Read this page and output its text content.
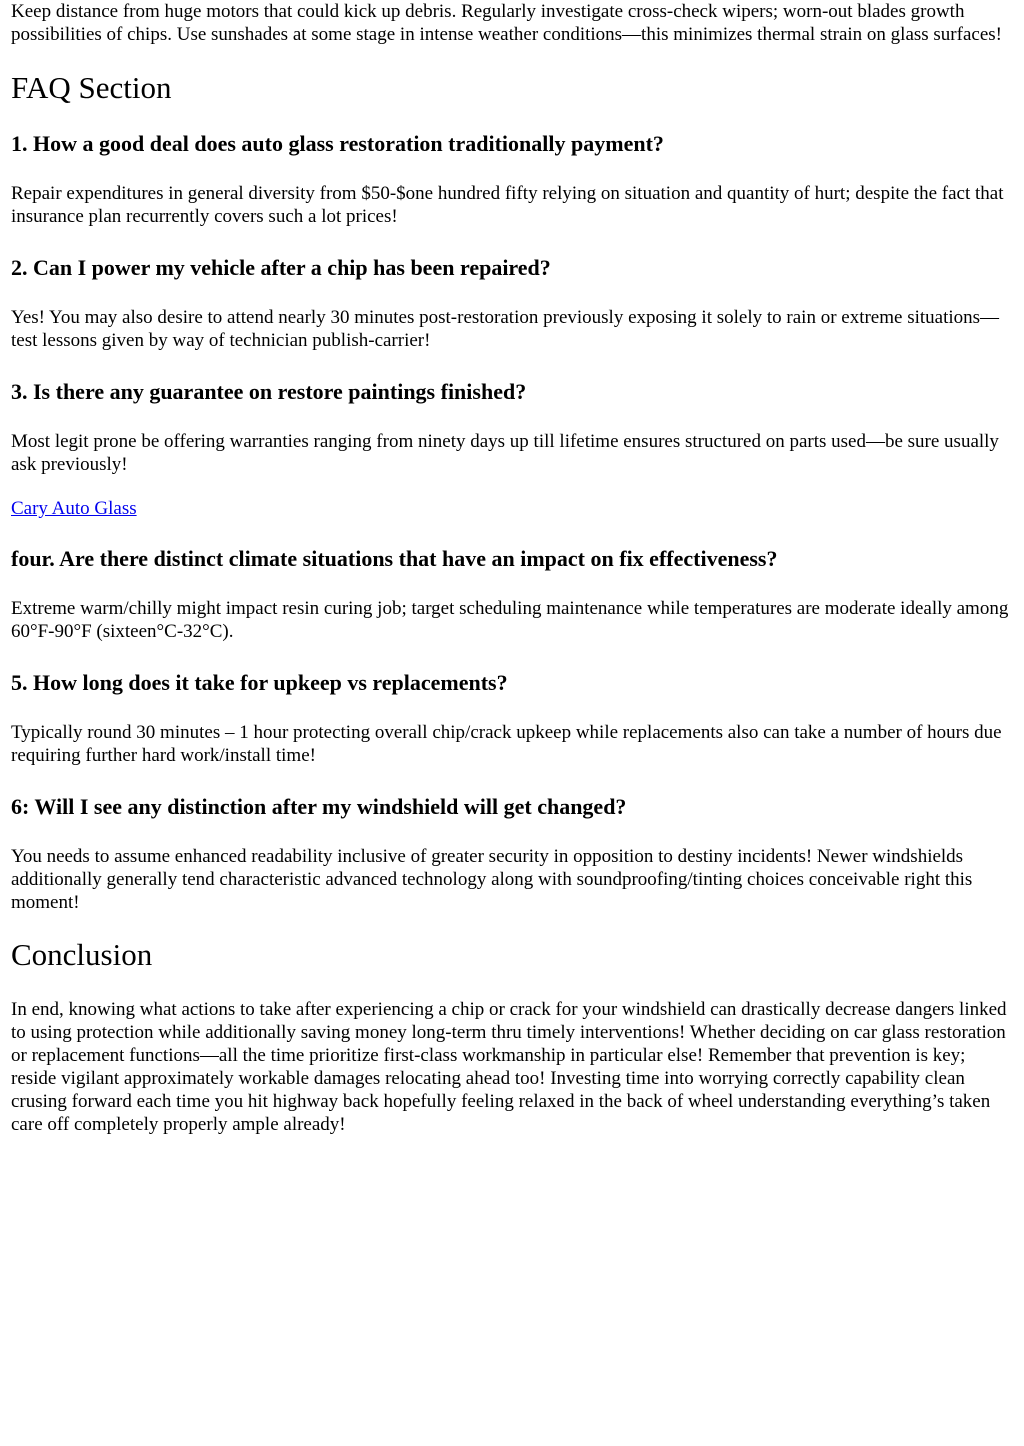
Keep distance from huge motors that could kick up debris. Regularly investigate cross-check wipers; worn-out blades growth possibilities of chips. Use sunshades at some stage in intense weather conditions—this minimizes thermal strain on glass surfaces!

FAQ Section
1. How a good deal does auto glass restoration traditionally payment?

Repair expenditures in general diversity from $50-$one hundred fifty relying on situation and quantity of hurt; despite the fact that insurance plan recurrently covers such a lot prices!

2. Can I power my vehicle after a chip has been repaired?

Yes! You may also desire to attend nearly 30 minutes post-restoration previously exposing it solely to rain or extreme situations—test lessons given by way of technician publish-carrier!

3. Is there any guarantee on restore paintings finished?

Most legit prone be offering warranties ranging from ninety days up till lifetime ensures structured on parts used—be sure usually ask previously!

Cary Auto Glass

four. Are there distinct climate situations that have an impact on fix effectiveness?

Extreme warm/chilly might impact resin curing job; target scheduling maintenance while temperatures are moderate ideally among 60°F-90°F (sixteen°C-32°C).

5. How long does it take for upkeep vs replacements?

Typically round 30 minutes – 1 hour protecting overall chip/crack upkeep while replacements also can take a number of hours due requiring further hard work/install time!

6: Will I see any distinction after my windshield will get changed?

You needs to assume enhanced readability inclusive of greater security in opposition to destiny incidents! Newer windshields additionally generally tend characteristic advanced technology along with soundproofing/tinting choices conceivable right this moment!

Conclusion

In end, knowing what actions to take after experiencing a chip or crack for your windshield can drastically decrease dangers linked to using protection while additionally saving money long-term thru timely interventions! Whether deciding on car glass restoration or replacement functions—all the time prioritize first-class workmanship in particular else! Remember that prevention is key; reside vigilant approximately workable damages relocating ahead too! Investing time into worrying correctly capability clean crusing forward each time you hit highway back hopefully feeling relaxed in the back of wheel understanding everything’s taken care off completely properly ample already!
